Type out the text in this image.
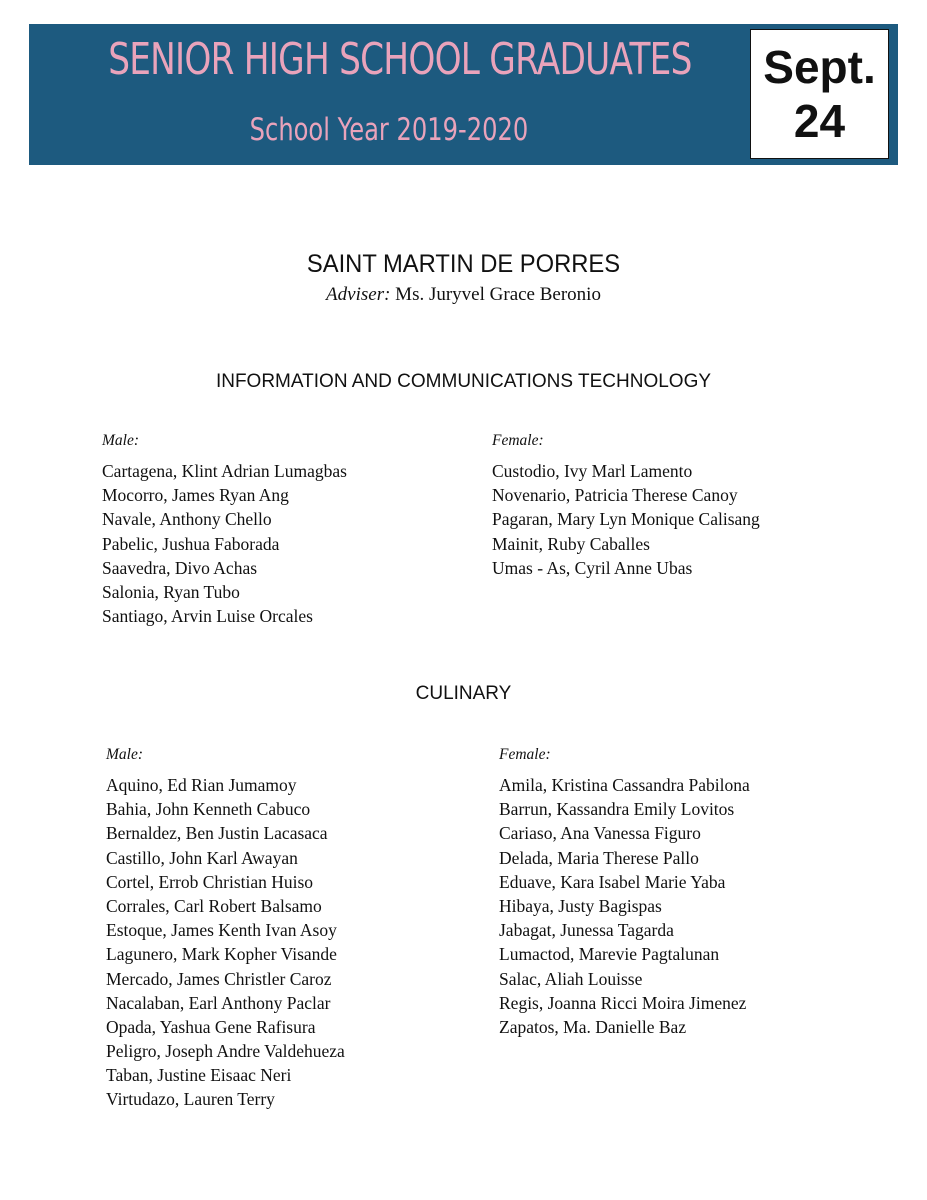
SENIOR HIGH SCHOOL GRADUATES
School Year 2019-2020
Sept.
24
SAINT MARTIN DE PORRES
Adviser: Ms. Juryvel Grace Beronio
INFORMATION AND COMMUNICATIONS TECHNOLOGY
Male:
Cartagena, Klint Adrian Lumagbas
Mocorro, James Ryan Ang
Navale, Anthony Chello
Pabelic, Jushua Faborada
Saavedra, Divo Achas
Salonia, Ryan Tubo
Santiago, Arvin Luise Orcales
Female:
Custodio, Ivy Marl Lamento
Novenario, Patricia Therese Canoy
Pagaran, Mary Lyn Monique Calisang
Mainit, Ruby Caballes
Umas - As, Cyril Anne Ubas
CULINARY
Male:
Aquino, Ed Rian Jumamoy
Bahia, John Kenneth Cabuco
Bernaldez, Ben Justin Lacasaca
Castillo, John Karl Awayan
Cortel, Errob Christian Huiso
Corrales, Carl Robert Balsamo
Estoque, James Kenth Ivan Asoy
Lagunero, Mark Kopher Visande
Mercado, James Christler Caroz
Nacalaban, Earl Anthony Paclar
Opada, Yashua Gene Rafisura
Peligro, Joseph Andre Valdehueza
Taban, Justine Eisaac Neri
Virtudazo, Lauren Terry
Female:
Amila, Kristina Cassandra Pabilona
Barrun, Kassandra Emily Lovitos
Cariaso, Ana Vanessa Figuro
Delada, Maria Therese Pallo
Eduave, Kara Isabel Marie Yaba
Hibaya, Justy Bagispas
Jabagat, Junessa Tagarda
Lumactod, Marevie Pagtalunan
Salac, Aliah Louisse
Regis, Joanna Ricci Moira Jimenez
Zapatos, Ma. Danielle Baz
